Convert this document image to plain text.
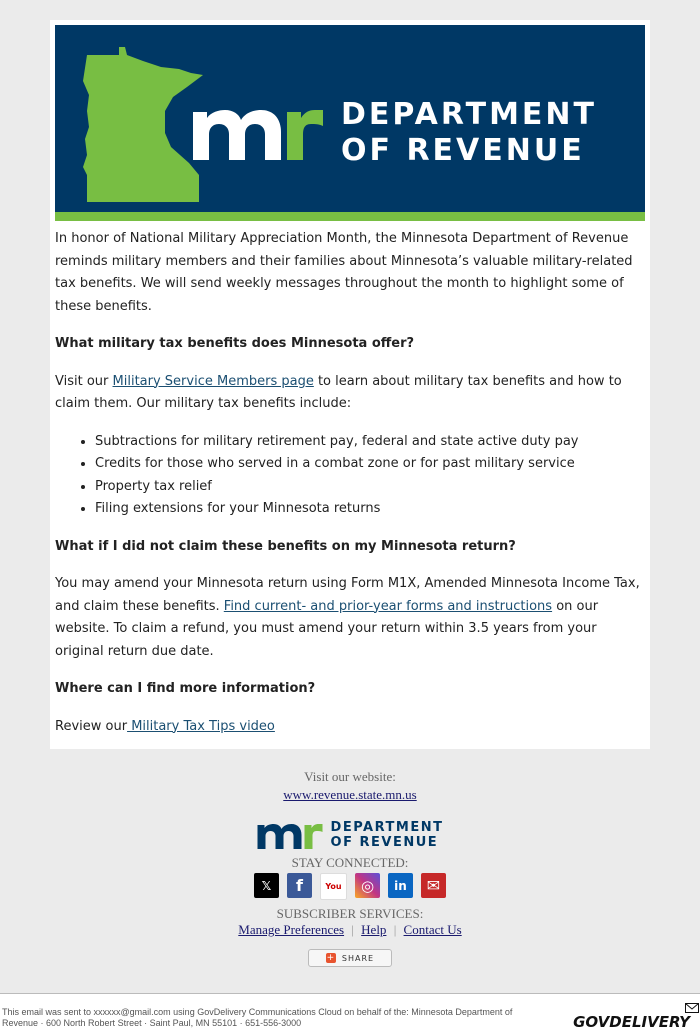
DEPARTMENT
OF REVENUE

In honor of National Military Appreciation Month, the Minnesota Department of Revenue reminds military members and their families about Minnesota’s valuable military-related tax benefits. We will send weekly messages throughout the month to highlight some of these benefits.

What military tax benefits does Minnesota offer?

Visit our Military Service Members page to learn about military tax benefits and how to claim them. Our military tax benefits include:

• Subtractions for military retirement pay, federal and state active duty pay
• Credits for those who served in a combat zone or for past military service
• Property tax relief
• Filing extensions for your Minnesota returns
What if I did not claim these benefits on my Minnesota return?

You may amend your Minnesota return using Form M1X, Amended Minnesota Income Tax, and claim these benefits. Find current- and prior-year forms and instructions on our website. To claim a refund, you must amend your return within 3.5 years from your original return due date.

Where can I find more information?

Review our Military Tax Tips video

Visit our website:
www.revenue.state.mn.us
DEPARTMENT
OF REVENUE
STAY CONNECTED:
𝕏	f	You	◎	in	✉
SUBSCRIBER SERVICES:
Manage Preferences | Help | Contact Us
+ SHARE
This email was sent to xxxxxx@gmail.com using GovDelivery Communications Cloud on behalf of the: Minnesota Department of
Revenue · 600 North Robert Street · Saint Paul, MN 55101 · 651-556-3000	GOVDELIVERY
